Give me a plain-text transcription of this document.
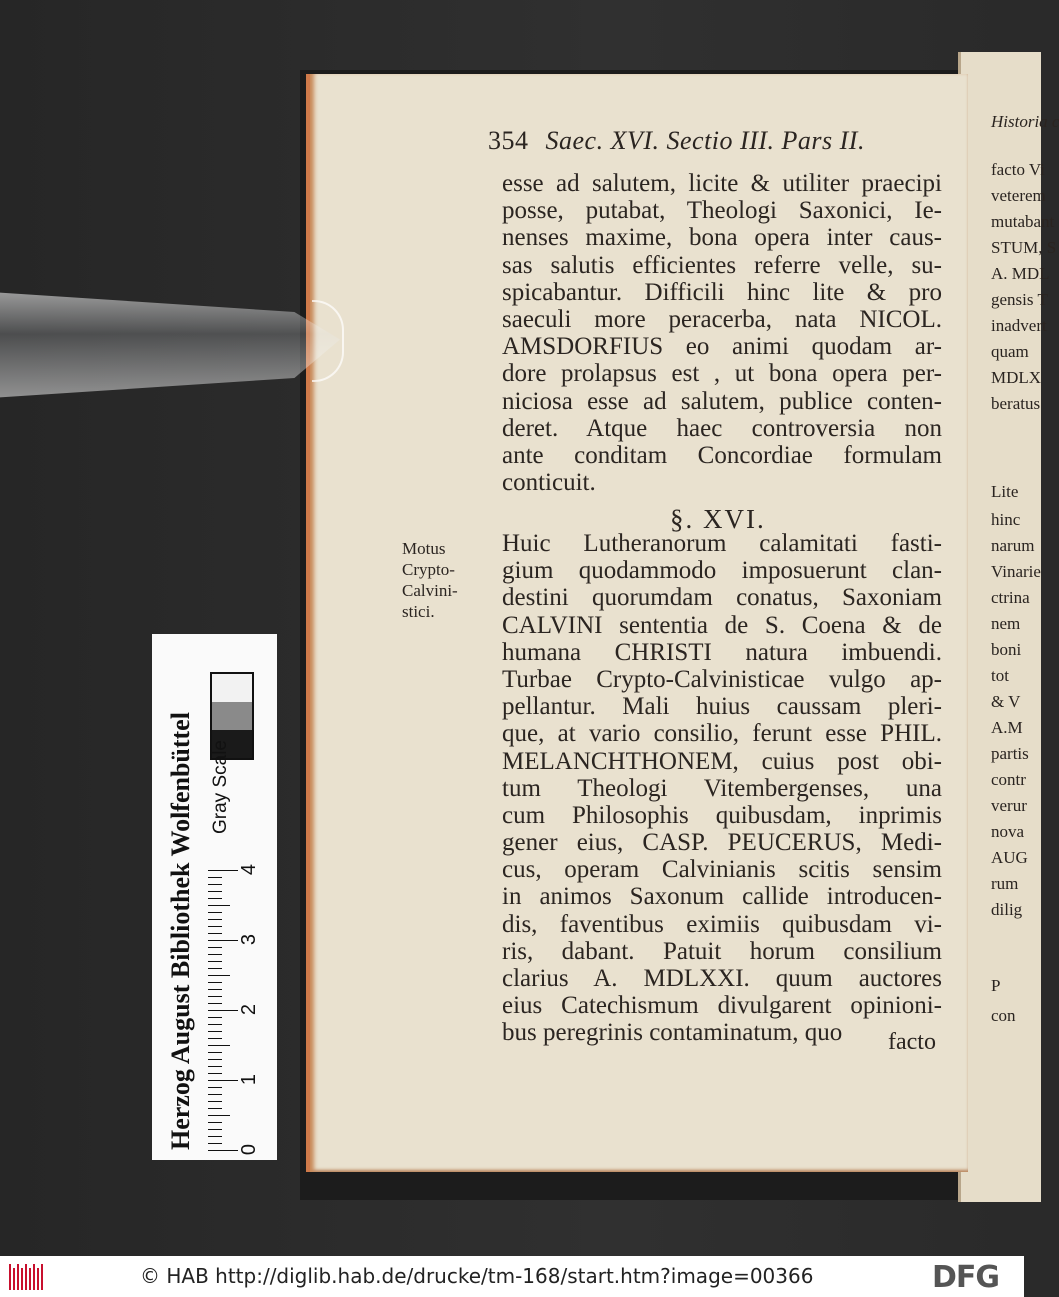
Historia c
facto Vi
veterem
mutabant
STUM, S
A. MDL
gensis T
inadvert
quam
MDLX
beratus
Lite
hinc
narum
Vinarie
ctrina
nem
boni
tot
& V
A.M
partis
contr
verur
nova
AUG
rum
dilig
P
con
354 Saec. XVI. Sectio III. Pars II.
esse ad salutem, licite & utiliter praecipi
posse, putabat, Theologi Saxonici, Ie-
nenses maxime, bona opera inter caus-
sas salutis efficientes referre velle, su-
spicabantur. Difficili hinc lite & pro
saeculi more peracerba, nata NICOL.
AMSDORFIUS eo animi quodam ar-
dore prolapsus est , ut bona opera per-
niciosa esse ad salutem, publice conten-
deret. Atque haec controversia non
ante conditam Concordiae formulam
conticuit.
§. XVI.
Motus
Crypto-
Calvini-
stici.
Huic Lutheranorum calamitati fasti-
gium quodammodo imposuerunt clan-
destini quorumdam conatus, Saxoniam
CALVINI sententia de S. Coena & de
humana CHRISTI natura imbuendi.
Turbae Crypto-Calvinisticae vulgo ap-
pellantur. Mali huius caussam pleri-
que, at vario consilio, ferunt esse PHIL.
MELANCHTHONEM, cuius post obi-
tum Theologi Vitembergenses, una
cum Philosophis quibusdam, inprimis
gener eius, CASP. PEUCERUS, Medi-
cus, operam Calvinianis scitis sensim
in animos Saxonum callide introducen-
dis, faventibus eximiis quibusdam vi-
ris, dabant. Patuit horum consilium
clarius A. MDLXXI. quum auctores
eius Catechismum divulgarent opinioni-
bus peregrinis contaminatum, quo	facto
Herzog August Bibliothek Wolfenbüttel Gray Scale
0
1
2
3
4
© HAB http://diglib.hab.de/drucke/tm-168/start.htm?image=00366	DFG
